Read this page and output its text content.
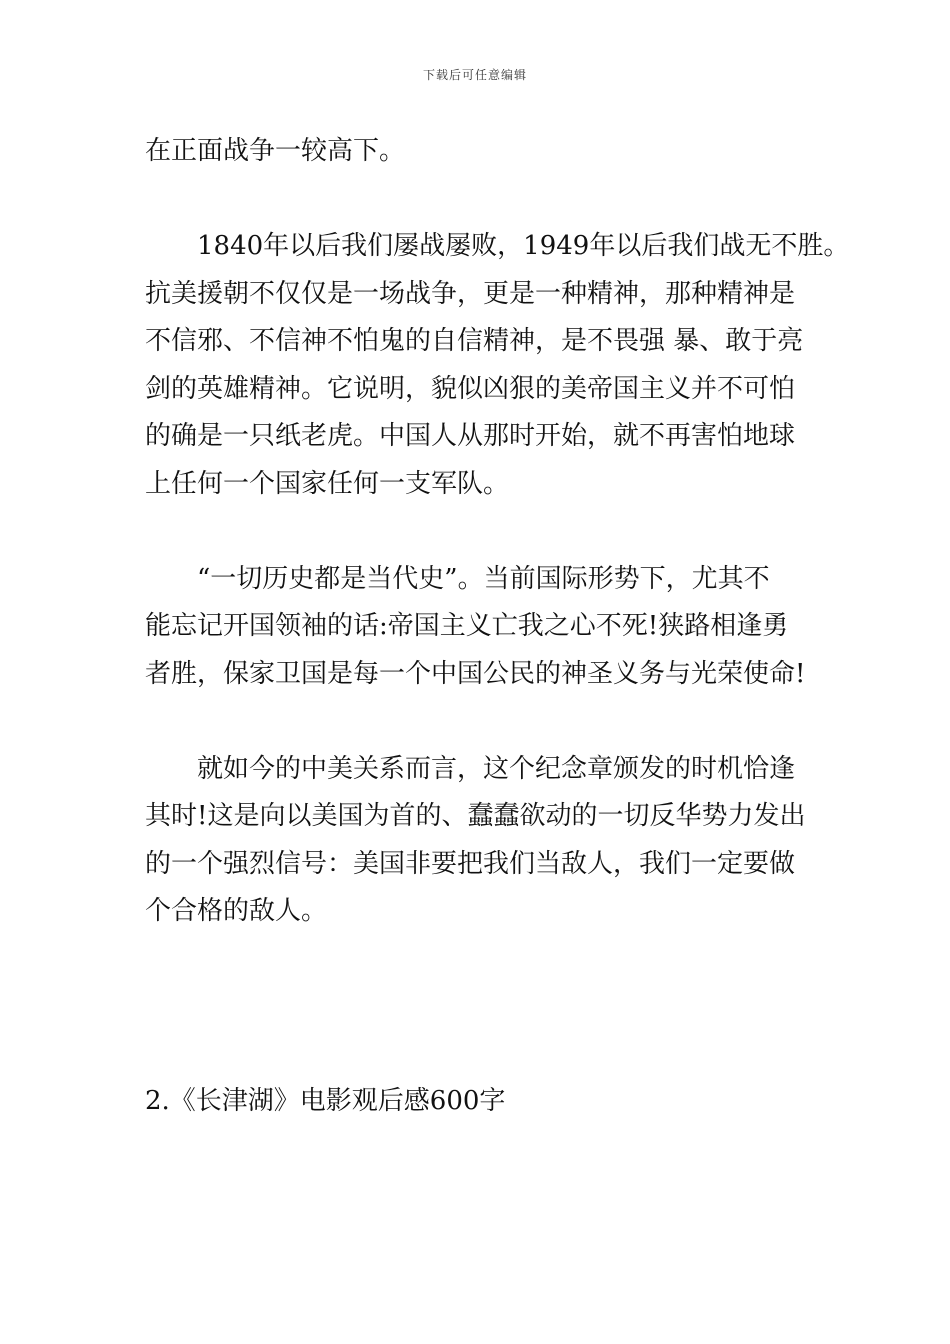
下载后可任意编辑
在正面战争一较高下。
1840年以后我们屡战屡败，1949年以后我们战无不胜。
抗美援朝不仅仅是一场战争，更是一种精神，那种精神是
不信邪、不信神不怕鬼的自信精神，是不畏强 暴、敢于亮
剑的英雄精神。它说明，貌似凶狠的美帝国主义并不可怕
的确是一只纸老虎。中国人从那时开始，就不再害怕地球
上任何一个国家任何一支军队。
“一切历史都是当代史”。当前国际形势下，尤其不
能忘记开国领袖的话:帝国主义亡我之心不死!狭路相逢勇
者胜，保家卫国是每一个中国公民的神圣义务与光荣使命!
就如今的中美关系而言，这个纪念章颁发的时机恰逢
其时!这是向以美国为首的、蠢蠢欲动的一切反华势力发出
的一个强烈信号：美国非要把我们当敌人，我们一定要做
个合格的敌人。
2.《长津湖》电影观后感600字
